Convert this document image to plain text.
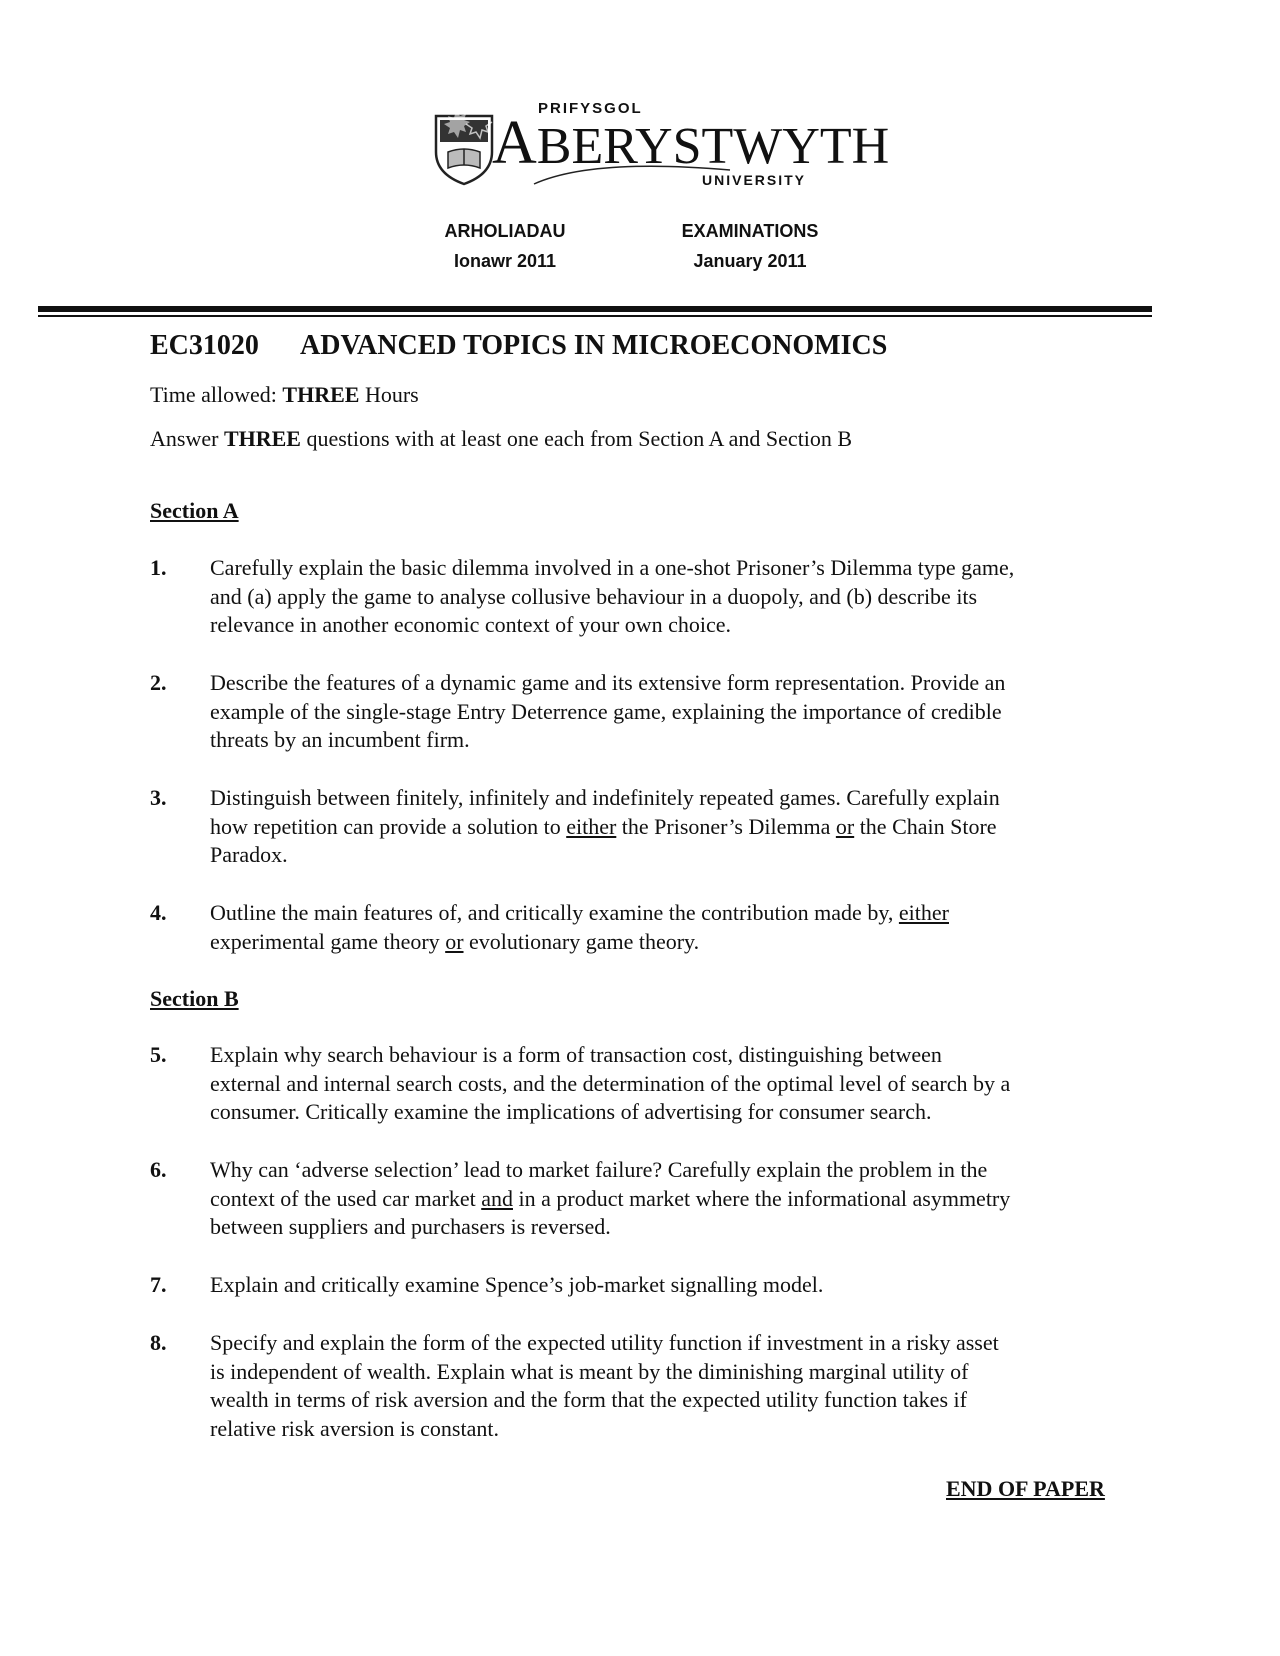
PRIFYSGOL
ABERYSTWYTH
UNIVERSITY
ARHOLIADAU
Ionawr 2011
EXAMINATIONS
January 2011
EC31020 ADVANCED TOPICS IN MICROECONOMICS
Time allowed: THREE Hours
Answer THREE questions with at least one each from Section A and Section B
Section A
1. Carefully explain the basic dilemma involved in a one-shot Prisoner’s Dilemma type game,
and (a) apply the game to analyse collusive behaviour in a duopoly, and (b) describe its
relevance in another economic context of your own choice.
2. Describe the features of a dynamic game and its extensive form representation. Provide an
example of the single-stage Entry Deterrence game, explaining the importance of credible
threats by an incumbent firm.
3. Distinguish between finitely, infinitely and indefinitely repeated games. Carefully explain
how repetition can provide a solution to either the Prisoner’s Dilemma or the Chain Store
Paradox.
4. Outline the main features of, and critically examine the contribution made by, either
experimental game theory or evolutionary game theory.
Section B
5. Explain why search behaviour is a form of transaction cost, distinguishing between
external and internal search costs, and the determination of the optimal level of search by a
consumer. Critically examine the implications of advertising for consumer search.
6. Why can ‘adverse selection’ lead to market failure? Carefully explain the problem in the
context of the used car market and in a product market where the informational asymmetry
between suppliers and purchasers is reversed.
7. Explain and critically examine Spence’s job-market signalling model.
8. Specify and explain the form of the expected utility function if investment in a risky asset
is independent of wealth. Explain what is meant by the diminishing marginal utility of
wealth in terms of risk aversion and the form that the expected utility function takes if
relative risk aversion is constant.
END OF PAPER
